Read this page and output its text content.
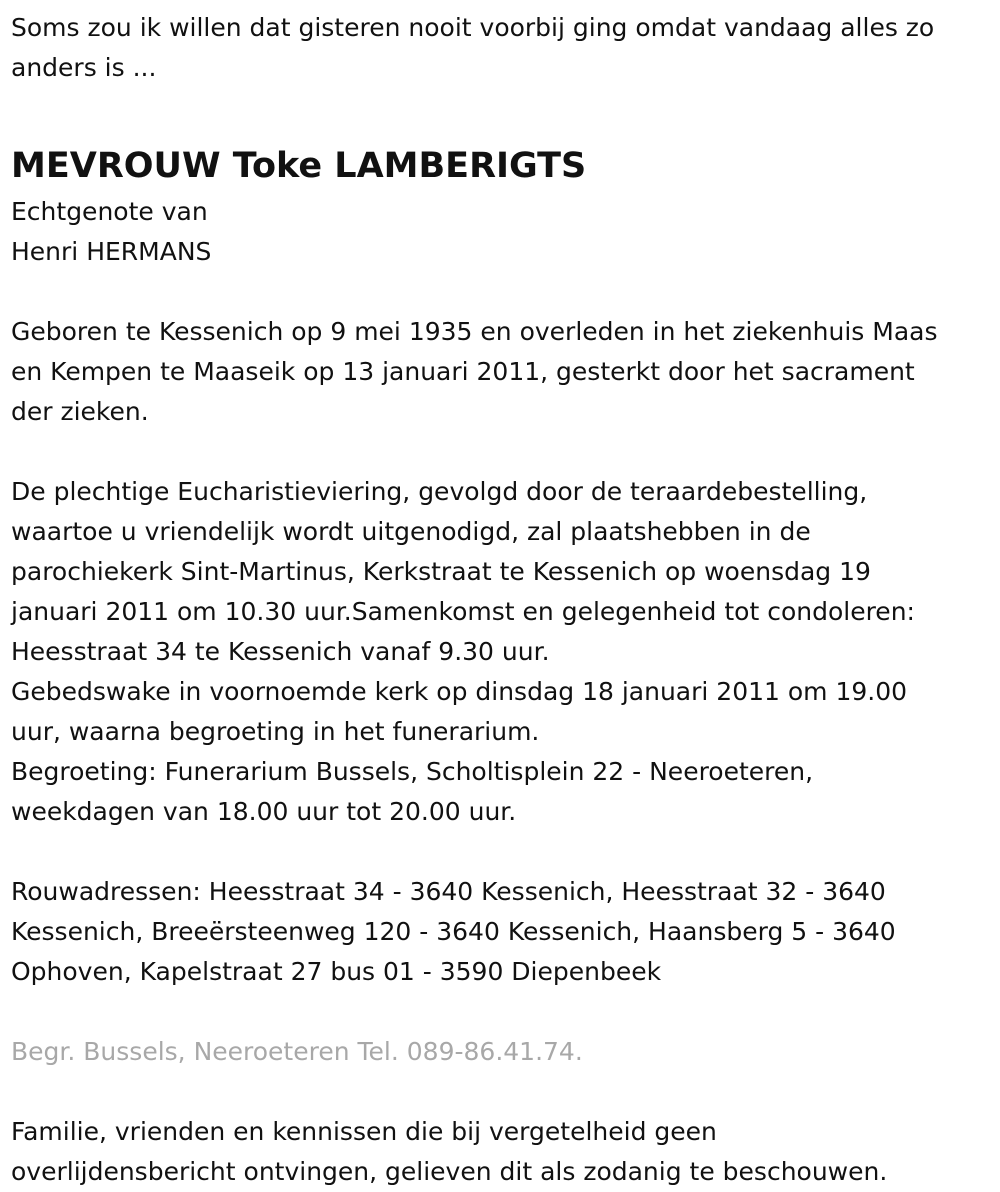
Soms zou ik willen dat gisteren nooit voorbij ging omdat vandaag alles zo
anders is ...
MEVROUW Toke LAMBERIGTS
Echtgenote van
Henri HERMANS
Geboren te Kessenich op 9 mei 1935 en overleden in het ziekenhuis Maas
en Kempen te Maaseik op 13 januari 2011, gesterkt door het sacrament
der zieken.
De plechtige Eucharistieviering, gevolgd door de teraardebestelling,
waartoe u vriendelijk wordt uitgenodigd, zal plaatshebben in de
parochiekerk Sint-Martinus, Kerkstraat te Kessenich op woensdag 19
januari 2011 om 10.30 uur.Samenkomst en gelegenheid tot condoleren:
Heesstraat 34 te Kessenich vanaf 9.30 uur.
Gebedswake in voornoemde kerk op dinsdag 18 januari 2011 om 19.00
uur, waarna begroeting in het funerarium.
Begroeting: Funerarium Bussels, Scholtisplein 22 - Neeroeteren,
weekdagen van 18.00 uur tot 20.00 uur.
Rouwadressen: Heesstraat 34 - 3640 Kessenich, Heesstraat 32 - 3640
Kessenich, Breeërsteenweg 120 - 3640 Kessenich, Haansberg 5 - 3640
Ophoven, Kapelstraat 27 bus 01 - 3590 Diepenbeek
Begr. Bussels, Neeroeteren Tel. 089-86.41.74.
Familie, vrienden en kennissen die bij vergetelheid geen
overlijdensbericht ontvingen, gelieven dit als zodanig te beschouwen.
